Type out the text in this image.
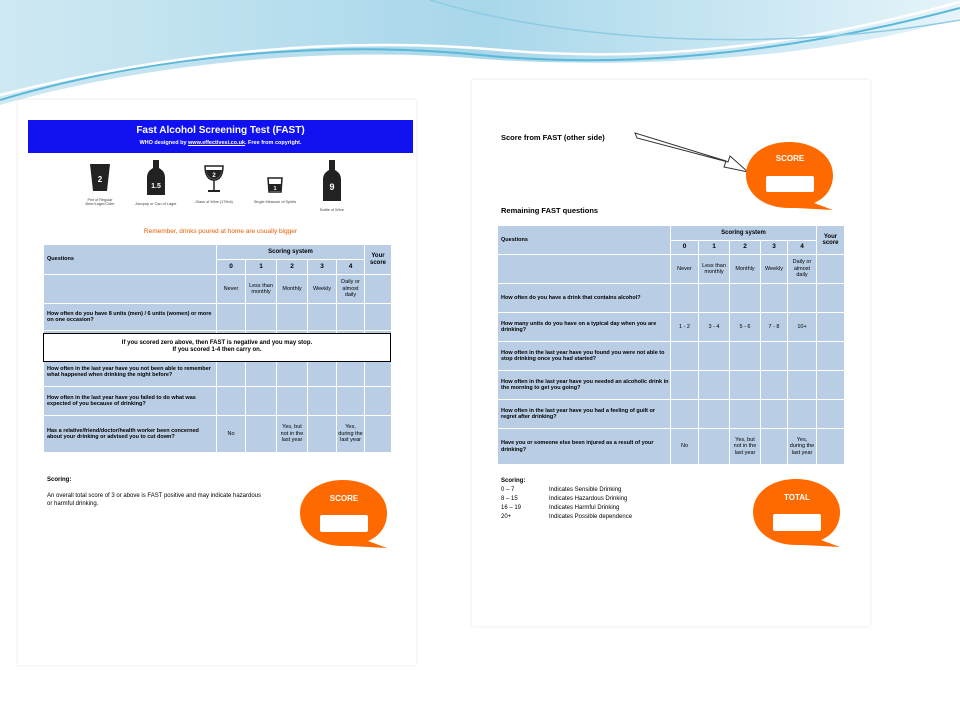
Fast Alcohol Screening Test (FAST)
WHO designed by www.effectivesi.co.uk. Free from copyright.
2
Pint of Regular Beer/Lager/Cider
1.5
Alcopop or Can of Lager
2
Glass of Wine (175ml)
1
Single Measure of Spirits
9
Bottle of Wine
Remember, drinks poured at home are usually bigger
Questions	Scoring system					Your score
	0	1	2	3	4	
	Never	Less than monthly	Monthly	Weekly	Daily or almost daily	
How often do you have 8 units (men) / 6 units (women) or more on one occasion?						

How often in the last year have you not been able to remember what happened when drinking the night before?						
How often in the last year have you failed to do what was expected of you because of drinking?						
Has a relative/friend/doctor/health worker been concerned about your drinking or advised you to cut down?	No		Yes, but not in the last year		Yes, during the last year	
If you scored zero above, then FAST is negative and you may stop.
If you scored 1-4 then carry on.
Scoring:
An overall total score of 3 or above is FAST positive and may indicate hazardous or harmful drinking.
SCORE
Score from FAST (other side)
SCORE
Remaining FAST questions
Questions	Scoring system					Your score
	0	1	2	3	4	
	Never	Less than monthly	Monthly	Weekly	Daily or almost daily	
How often do you have a drink that contains alcohol?						
How many units do you have on a typical day when you are drinking?	1 - 2	3 - 4	5 - 6	7 - 8	10+	
How often in the last year have you found you were not able to stop drinking once you had started?						
How often in the last year have you needed an alcoholic drink in the morning to get you going?						
How often in the last year have you had a feeling of guilt or regret after drinking?						
Have you or someone else been injured as a result of your drinking?	No		Yes, but not in the last year		Yes, during the last year	
Scoring:
0 – 7	Indicates Sensible Drinking
8 – 15	Indicates Hazardous Drinking
16 – 19	Indicates Harmful Drinking
20+	Indicates Possible dependence
TOTAL
